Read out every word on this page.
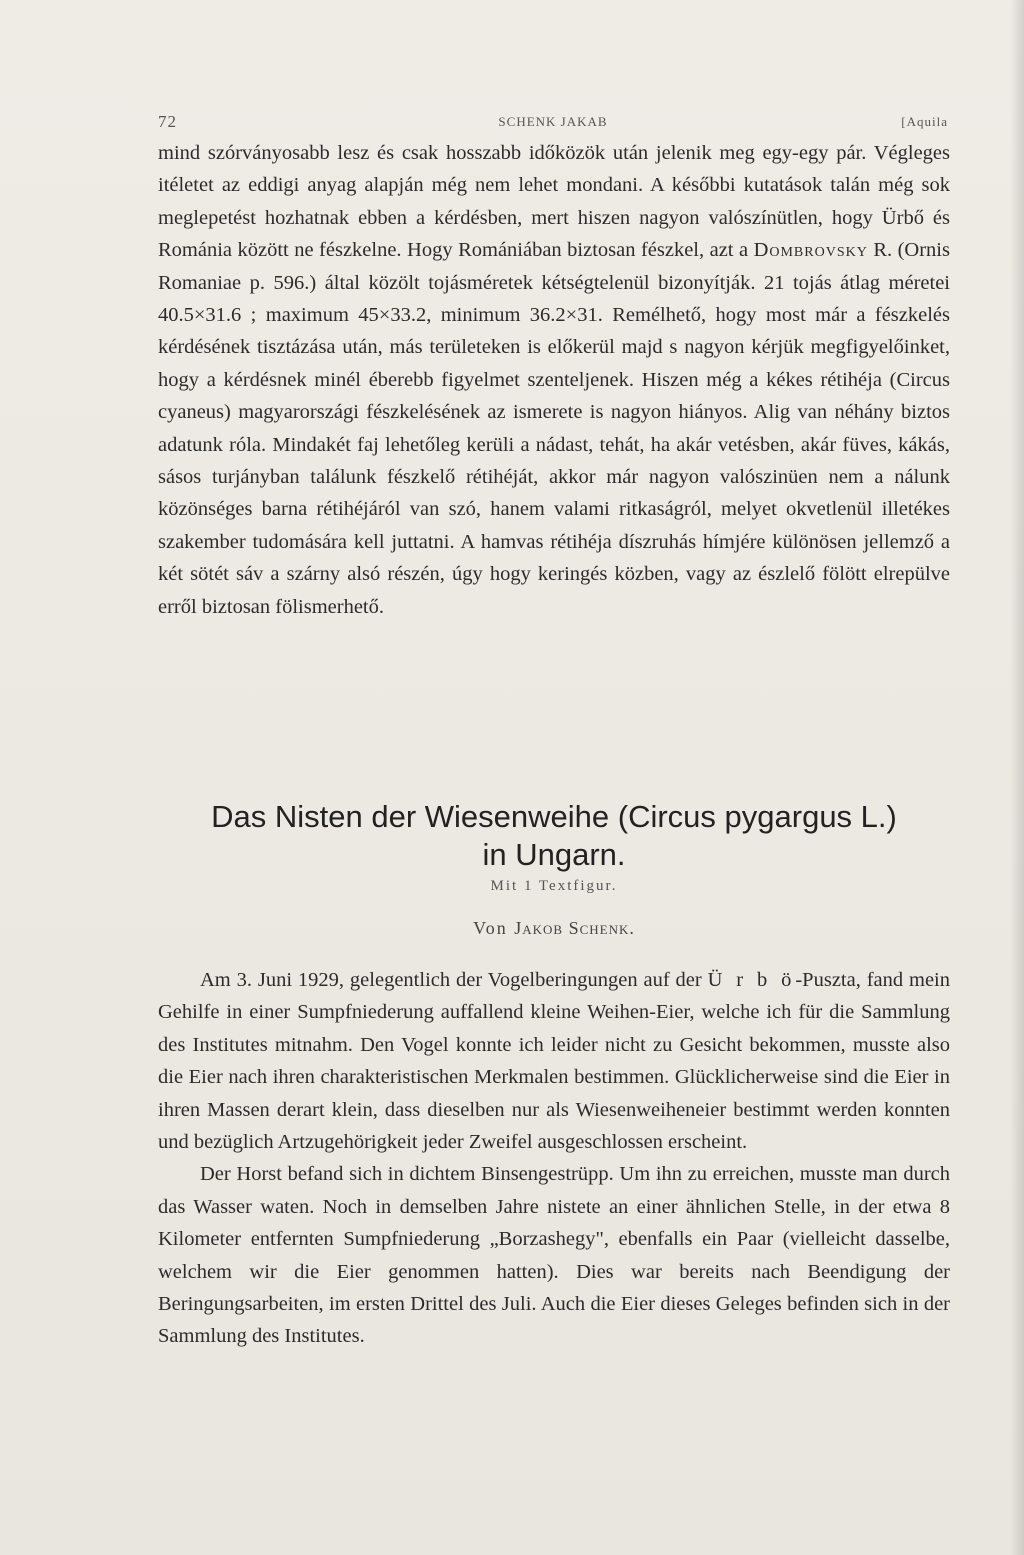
72	SCHENK JAKAB	[Aquila

mind szórványosabb lesz és csak hosszabb időközök után jelenik meg egy-egy pár. Végleges itéletet az eddigi anyag alapján még nem lehet mondani. A későbbi kutatások talán még sok meglepetést hozhatnak ebben a kérdésben, mert hiszen nagyon valószínütlen, hogy Ürbő és Románia között ne fészkelne. Hogy Romániában biztosan fészkel, azt a Dombrovsky R. (Ornis Romaniae p. 596.) által közölt tojásméretek kétségtelenül bizonyítják. 21 tojás átlag méretei 40.5×31.6 ; maximum 45×33.2, minimum 36.2×31. Remélhető, hogy most már a fészkelés kérdésének tisztázása után, más területeken is előkerül majd s nagyon kérjük megfigyelőinket, hogy a kérdésnek minél éberebb figyelmet szenteljenek. Hiszen még a kékes rétihéja (Circus cyaneus) magyarországi fészkelésének az ismerete is nagyon hiányos. Alig van néhány biztos adatunk róla. Mindakét faj lehetőleg kerüli a nádast, tehát, ha akár vetésben, akár füves, kákás, sásos turjányban találunk fészkelő rétihéját, akkor már nagyon valószinüen nem a nálunk közönséges barna rétihéjáról van szó, hanem valami ritkaságról, melyet okvetlenül illetékes szakember tudomására kell juttatni. A hamvas rétihéja díszruhás hímjére különösen jellemző a két sötét sáv a szárny alsó részén, úgy hogy keringés közben, vagy az észlelő fölött elrepülve erről biztosan fölismerhető.

Das Nisten der Wiesenweihe (Circus pygargus L.)
in Ungarn.
Mit 1 Textfigur.
Von Jakob Schenk.

Am 3. Juni 1929, gelegentlich der Vogelberingungen auf der Ü r b ö-Puszta, fand mein Gehilfe in einer Sumpfniederung auffallend kleine Weihen-Eier, welche ich für die Sammlung des Institutes mitnahm. Den Vogel konnte ich leider nicht zu Gesicht bekommen, musste also die Eier nach ihren charakteristischen Merkmalen bestimmen. Glücklicherweise sind die Eier in ihren Massen derart klein, dass dieselben nur als Wiesenweiheneier bestimmt werden konnten und bezüglich Artzugehörigkeit jeder Zweifel ausgeschlossen erscheint.

Der Horst befand sich in dichtem Binsengestrüpp. Um ihn zu erreichen, musste man durch das Wasser waten. Noch in demselben Jahre nistete an einer ähnlichen Stelle, in der etwa 8 Kilometer entfernten Sumpfniederung „Borzashegy", ebenfalls ein Paar (vielleicht dasselbe, welchem wir die Eier genommen hatten). Dies war bereits nach Beendigung der Beringungsarbeiten, im ersten Drittel des Juli. Auch die Eier dieses Geleges befinden sich in der Sammlung des Institutes.
